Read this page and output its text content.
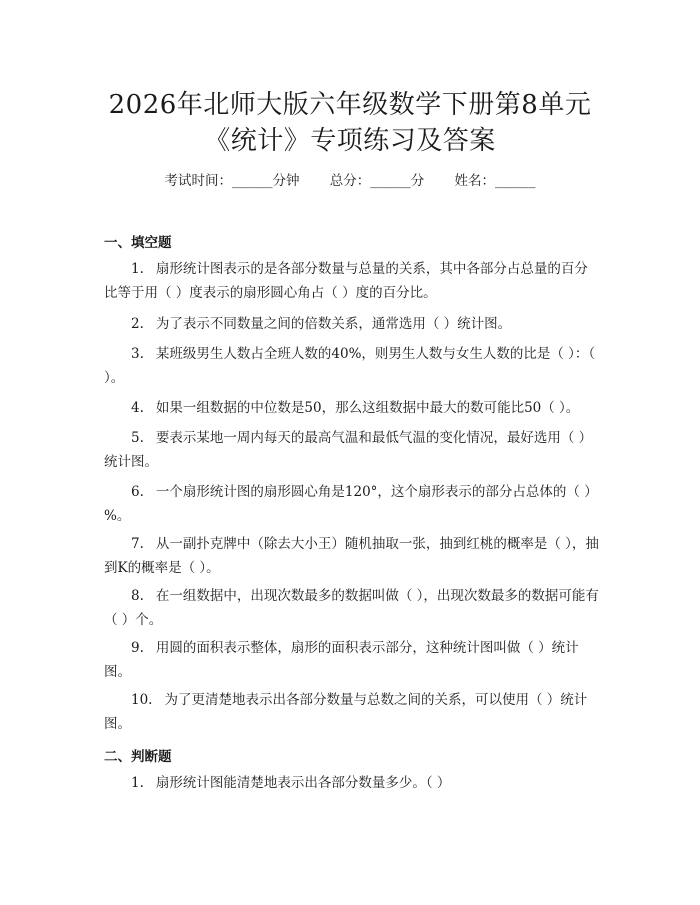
2026年北师大版六年级数学下册第8单元
《统计》专项练习及答案
考试时间：______分钟 总分：______分 姓名：______
一、填空题
1. 扇形统计图表示的是各部分数量与总量的关系，其中各部分占总量的百分比等于用（ ）度表示的扇形圆心角占（ ）度的百分比。
2. 为了表示不同数量之间的倍数关系，通常选用（ ）统计图。
3. 某班级男生人数占全班人数的40%，则男生人数与女生人数的比是（ ）：（ ）。
4. 如果一组数据的中位数是50，那么这组数据中最大的数可能比50（ ）。
5. 要表示某地一周内每天的最高气温和最低气温的变化情况，最好选用（ ）统计图。
6. 一个扇形统计图的扇形圆心角是120°，这个扇形表示的部分占总体的（ ）%。
7. 从一副扑克牌中（除去大小王）随机抽取一张，抽到红桃的概率是（ ），抽到K的概率是（ ）。
8. 在一组数据中，出现次数最多的数据叫做（ ），出现次数最多的数据可能有（ ）个。
9. 用圆的面积表示整体，扇形的面积表示部分，这种统计图叫做（ ）统计图。
10. 为了更清楚地表示出各部分数量与总数之间的关系，可以使用（ ）统计图。
二、判断题
1. 扇形统计图能清楚地表示出各部分数量多少。（ ）
